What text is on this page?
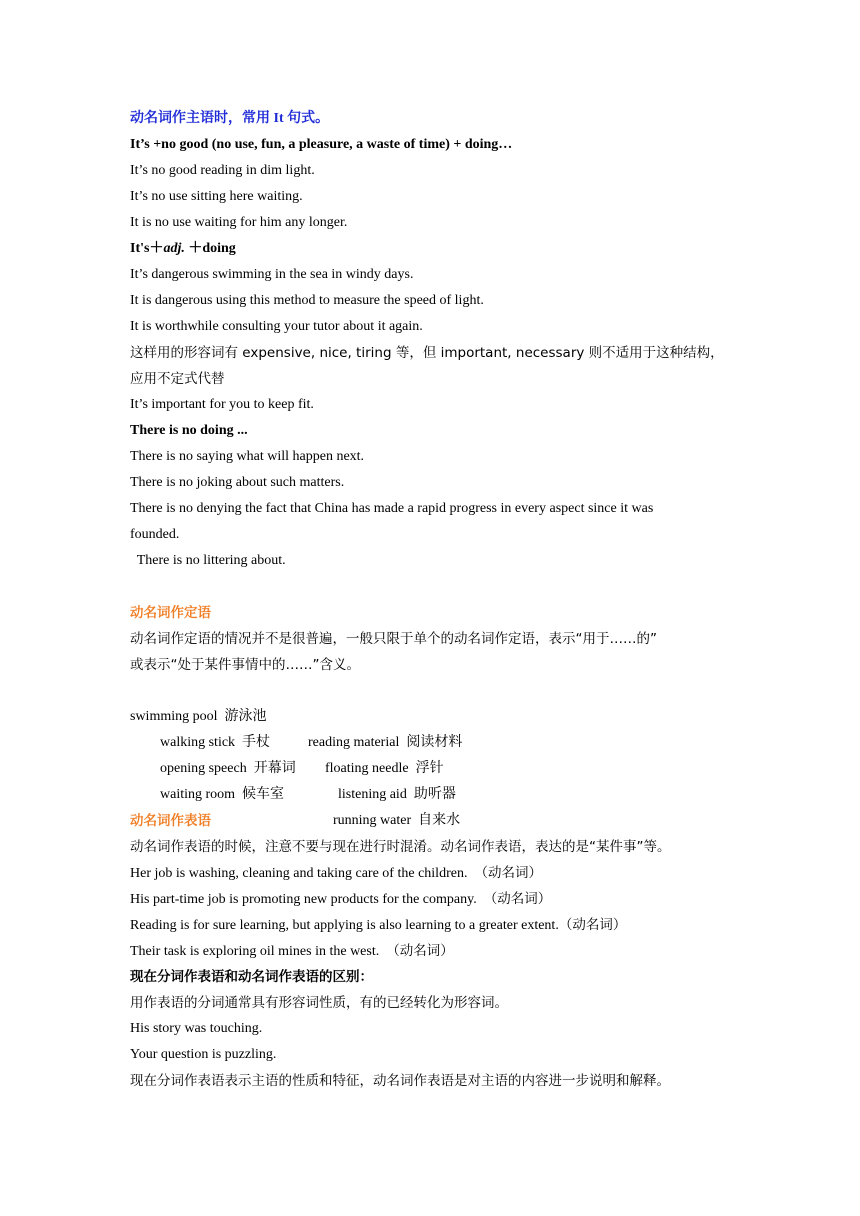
动名词作主语时，常用 It 句式。
It’s +no good (no use, fun, a pleasure, a waste of time) + doing…
It’s no good reading in dim light.
It’s no use sitting here waiting.
It is no use waiting for him any longer.
It's＋adj. ＋doing
It’s dangerous swimming in the sea in windy days.
It is dangerous using this method to measure the speed of light.
It is worthwhile consulting your tutor about it again.
这样用的形容词有 expensive, nice, tiring 等，但 important, necessary 则不适用于这种结构，
应用不定式代替
It’s important for you to keep fit.
There is no doing ...
There is no saying what will happen next.
There is no joking about such matters.
There is no denying the fact that China has made a rapid progress in every aspect since it was
founded.
There is no littering about.
动名词作定语
动名词作定语的情况并不是很普遍，一般只限于单个的动名词作定语，表示“用于……的”
或表示“处于某件事情中的……”含义。

swimming pool  游泳池

reading material  阅读材料

walking stick  手杖

floating needle  浮针

opening speech  开幕词

listening aid  助听器

waiting room  候车室

running water  自来水

动名词作表语
动名词作表语的时候，注意不要与现在进行时混淆。动名词作表语，表达的是“某件事”等。
Her job is washing, cleaning and taking care of the children. （动名词）
His part-time job is promoting new products for the company. （动名词）
Reading is for sure learning, but applying is also learning to a greater extent.（动名词）
Their task is exploring oil mines in the west. （动名词）
现在分词作表语和动名词作表语的区别：
用作表语的分词通常具有形容词性质，有的已经转化为形容词。
His story was touching.
Your question is puzzling.
现在分词作表语表示主语的性质和特征，动名词作表语是对主语的内容进一步说明和解释。
